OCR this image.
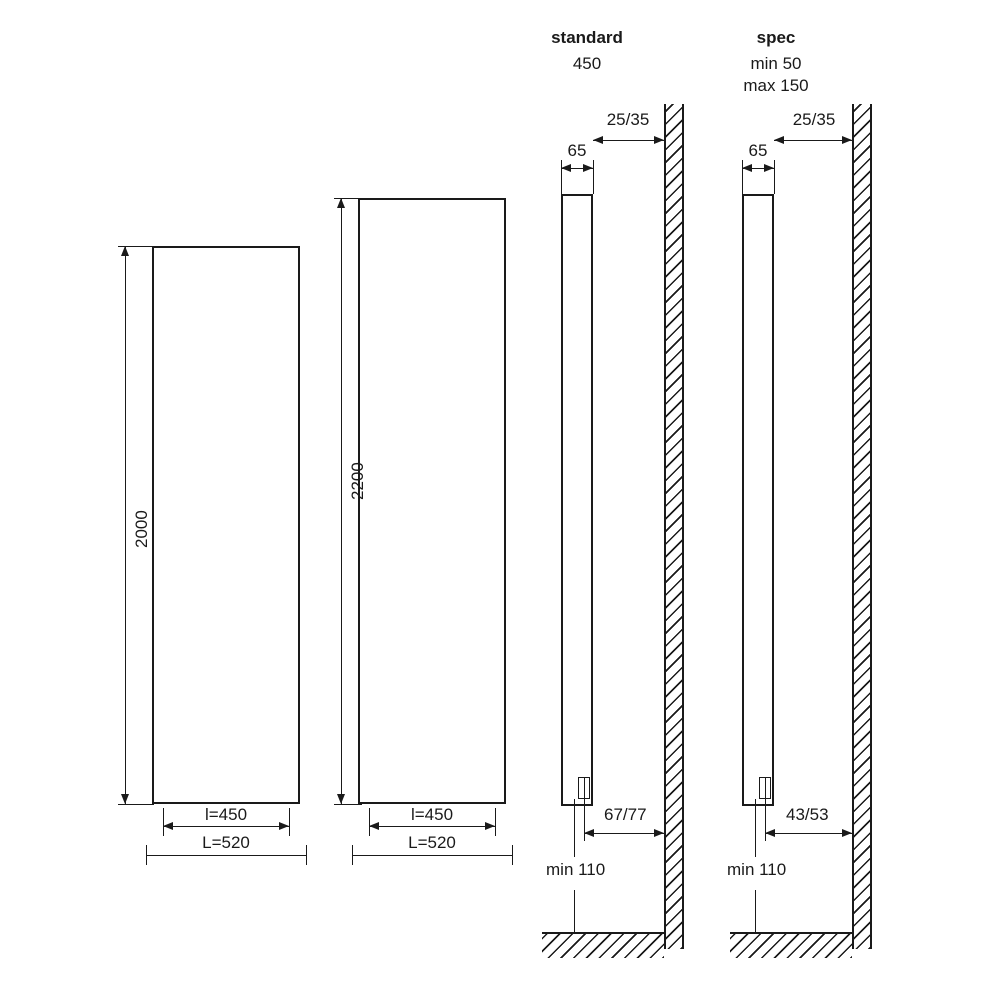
2000
l=450
L=520
2200
l=450
L=520
standard
450
65
25/35
67/77
min 110
spec
min 50
max 150
65
25/35
43/53
min 110
